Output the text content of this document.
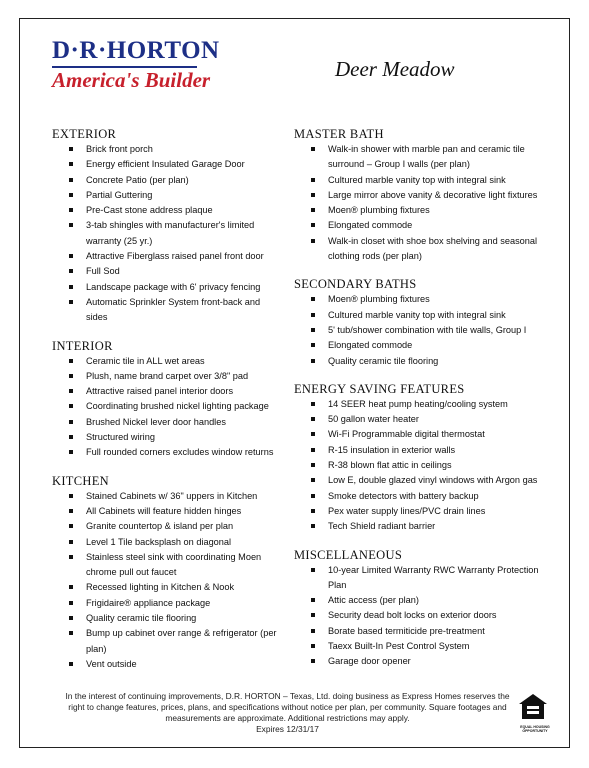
D·R·HORTON
America's Builder	Deer Meadow
EXTERIOR
Brick front porch
Energy efficient Insulated Garage Door
Concrete Patio (per plan)
Partial Guttering
Pre-Cast stone address plaque
3-tab shingles with manufacturer's limited warranty (25 yr.)
Attractive Fiberglass raised panel front door
Full Sod
Landscape package with 6' privacy fencing
Automatic Sprinkler System front-back and sides
INTERIOR
Ceramic tile in ALL wet areas
Plush, name brand carpet over 3/8" pad
Attractive raised panel interior doors
Coordinating brushed nickel lighting package
Brushed Nickel lever door handles
Structured wiring
Full rounded corners excludes window returns
KITCHEN
Stained Cabinets w/ 36" uppers in Kitchen
All Cabinets will feature hidden hinges
Granite countertop & island per plan
Level 1 Tile backsplash on diagonal
Stainless steel sink with coordinating Moen chrome pull out faucet
Recessed lighting in Kitchen & Nook
Frigidaire® appliance package
Quality ceramic tile flooring
Bump up cabinet over range & refrigerator (per plan)
Vent outside
MASTER BATH
Walk-in shower with marble pan and ceramic tile surround – Group I walls (per plan)
Cultured marble vanity top with integral sink
Large mirror above vanity & decorative light fixtures
Moen® plumbing fixtures
Elongated commode
Walk-in closet with shoe box shelving and seasonal clothing rods (per plan)
SECONDARY BATHS
Moen® plumbing fixtures
Cultured marble vanity top with integral sink
5' tub/shower combination with tile walls, Group I
Elongated commode
Quality ceramic tile flooring
ENERGY SAVING FEATURES
14 SEER heat pump heating/cooling system
50 gallon water heater
Wi-Fi Programmable digital thermostat
R-15 insulation in exterior walls
R-38 blown flat attic in ceilings
Low E, double glazed vinyl windows with Argon gas
Smoke detectors with battery backup
Pex water supply lines/PVC drain lines
Tech Shield radiant barrier
MISCELLANEOUS
10-year Limited Warranty RWC Warranty Protection Plan
Attic access (per plan)
Security dead bolt locks on exterior doors
Borate based termiticide pre-treatment
Taexx Built-In Pest Control System
Garage door opener
In the interest of continuing improvements, D.R. HORTON – Texas, Ltd. doing business as Express Homes reserves the right to change features, prices, plans, and specifications without notice per plan, per community. Square footages and measurements are approximate. Additional restrictions may apply.
Expires 12/31/17	EQUAL HOUSING OPPORTUNITY
